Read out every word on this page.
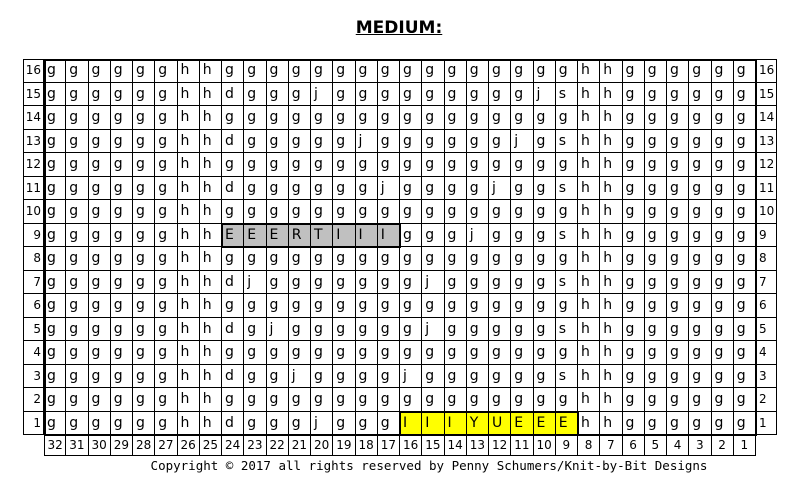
MEDIUM:
16 g g g g g g h h g g g g g g g g g g g g g g g g h h g g g g g g	16
15 g g g g g g h h d g g g j	g g g g g g g g g j	s	h h g g g g g g	15
14 g g g g g g h h g g g g g g g g g g g g g g g g h h g g g g g g	14
13 g g g g g g h h d g g g g g j	g g g g g g j	g s	h h g g g g g g	13
12 g g g g g g h h g g g g g g g g g g g g g g g g h h g g g g g g	12
11 g g g g g g h h d g g g g g g j	g g g g j	g g s	h h g g g g g g	11
10 g g g g g g h h g g g g g g g g g g g g g g g g h h g g g g g g	10
9 g g g g g g h h E E E R T I	I	I	g g g j	g g g s	h h g g g g g g	9
8 g g g g g g h h g g g g g g g g g g g g g g g g h h g g g g g g	8
7 g g g g g g h h d j	g g g g g g g j	g g g g g s	h h g g g g g g	7
6 g g g g g g h h g g g g g g g g g g g g g g g g h h g g g g g g	6
5 g g g g g g h h d g j	g g g g g g j	g g g g g s	h h g g g g g g	5
4 g g g g g g h h g g g g g g g g g g g g g g g g h h g g g g g g	4
3 g g g g g g h h d g g j	g g g g j	g g g g g g s	h h g g g g g g	3
2 g g g g g g h h g g g g g g g g g g g g g g g g h h g g g g g g	2
1 g g g g g g h h d g g g j	g g g I	I	I	Y U E E E h h g g g g g g	1
32 31 30 29 28 27 26 25 24 23 22 21 20 19 18 17 16 15 14 13 12 11 10 9	8	7	6	5	4	3	2	1
Copyright © 2017 all rights reserved by Penny Schumers/Knit-by-Bit Designs
